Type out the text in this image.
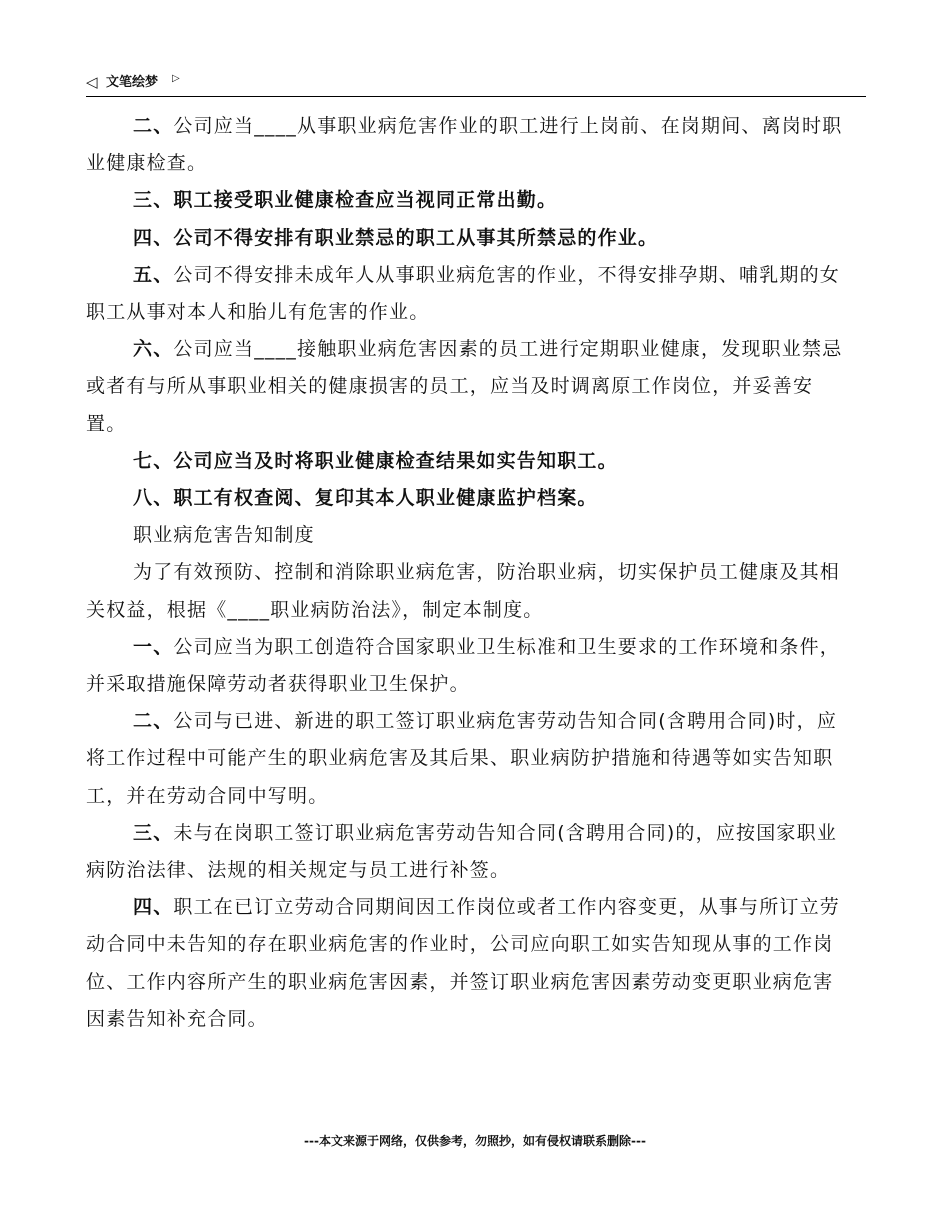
◁ 文笔绘梦 ▷

二、公司应当____从事职业病危害作业的职工进行上岗前、在岗期间、离岗时职业健康检查。

三、职工接受职业健康检查应当视同正常出勤。

四、公司不得安排有职业禁忌的职工从事其所禁忌的作业。

五、公司不得安排未成年人从事职业病危害的作业，不得安排孕期、哺乳期的女职工从事对本人和胎儿有危害的作业。

六、公司应当____接触职业病危害因素的员工进行定期职业健康，发现职业禁忌或者有与所从事职业相关的健康损害的员工，应当及时调离原工作岗位，并妥善安置。

七、公司应当及时将职业健康检查结果如实告知职工。

八、职工有权查阅、复印其本人职业健康监护档案。

职业病危害告知制度

为了有效预防、控制和消除职业病危害，防治职业病，切实保护员工健康及其相关权益，根据《____职业病防治法》，制定本制度。

一、公司应当为职工创造符合国家职业卫生标准和卫生要求的工作环境和条件，并采取措施保障劳动者获得职业卫生保护。

二、公司与已进、新进的职工签订职业病危害劳动告知合同(含聘用合同)时，应将工作过程中可能产生的职业病危害及其后果、职业病防护措施和待遇等如实告知职工，并在劳动合同中写明。

三、未与在岗职工签订职业病危害劳动告知合同(含聘用合同)的，应按国家职业病防治法律、法规的相关规定与员工进行补签。

四、职工在已订立劳动合同期间因工作岗位或者工作内容变更，从事与所订立劳动合同中未告知的存在职业病危害的作业时，公司应向职工如实告知现从事的工作岗位、工作内容所产生的职业病危害因素，并签订职业病危害因素劳动变更职业病危害因素告知补充合同。

---本文来源于网络，仅供参考，勿照抄，如有侵权请联系删除---
